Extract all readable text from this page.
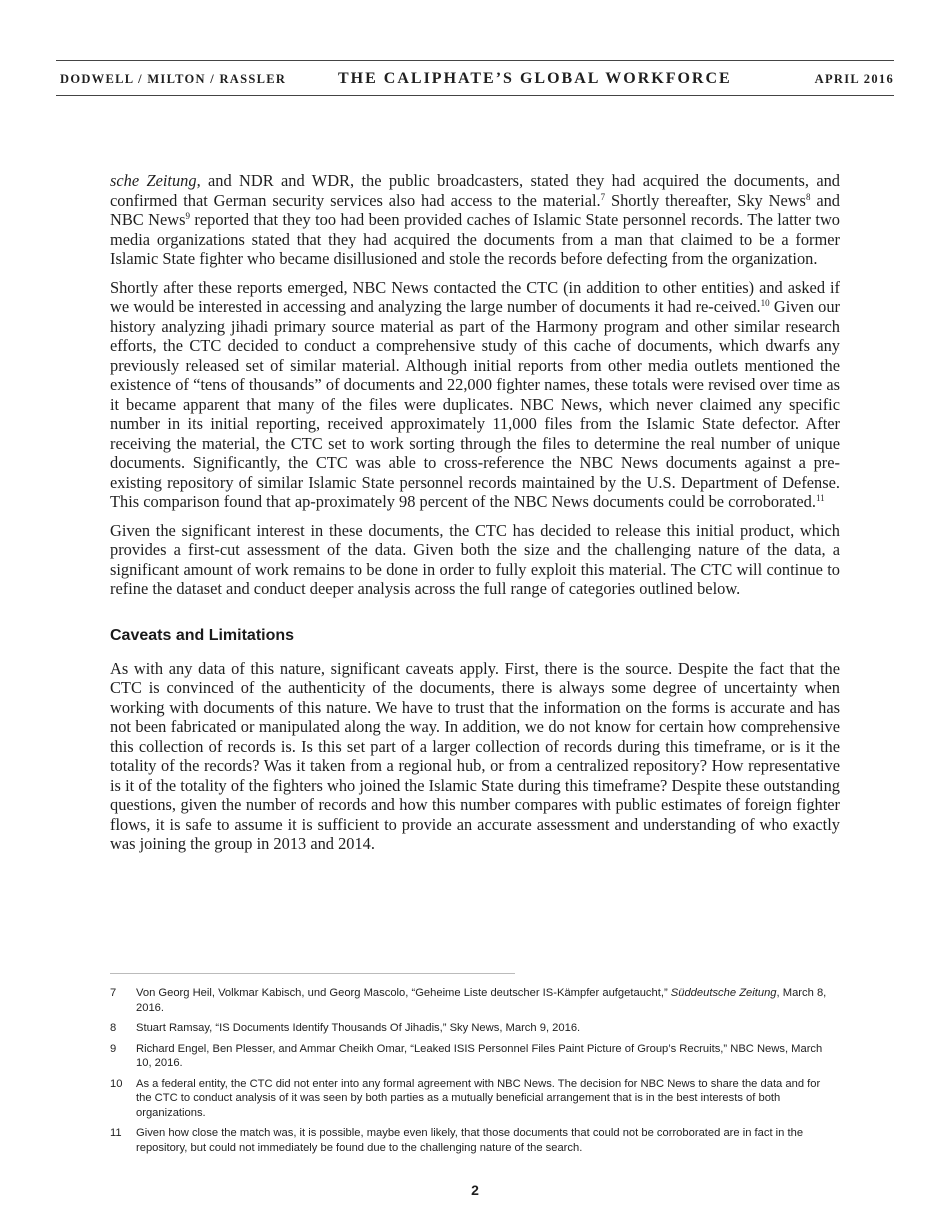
DODWELL / MILTON / RASSLER	THE CALIPHATE’S GLOBAL WORKFORCE	APRIL 2016

sche Zeitung, and NDR and WDR, the public broadcasters, stated they had acquired the documents, and confirmed that German security services also had access to the material.$^7$ Shortly thereafter, Sky News$^8$ and NBC News$^9$ reported that they too had been provided caches of Islamic State personnel records. The latter two media organizations stated that they had acquired the documents from a man that claimed to be a former Islamic State fighter who became disillusioned and stole the records before defecting from the organization.

Shortly after these reports emerged, NBC News contacted the CTC (in addition to other entities) and asked if we would be interested in accessing and analyzing the large number of documents it had re-ceived.$^{10}$ Given our history analyzing jihadi primary source material as part of the Harmony program and other similar research efforts, the CTC decided to conduct a comprehensive study of this cache of documents, which dwarfs any previously released set of similar material. Although initial reports from other media outlets mentioned the existence of “tens of thousands” of documents and 22,000 fighter names, these totals were revised over time as it became apparent that many of the files were duplicates. NBC News, which never claimed any specific number in its initial reporting, received approximately 11,000 files from the Islamic State defector. After receiving the material, the CTC set to work sorting through the files to determine the real number of unique documents. Significantly, the CTC was able to cross-reference the NBC News documents against a pre-existing repository of similar Islamic State personnel records maintained by the U.S. Department of Defense. This comparison found that ap-proximately 98 percent of the NBC News documents could be corroborated.$^{11}$

Given the significant interest in these documents, the CTC has decided to release this initial product, which provides a first-cut assessment of the data. Given both the size and the challenging nature of the data, a significant amount of work remains to be done in order to fully exploit this material. The CTC will continue to refine the dataset and conduct deeper analysis across the full range of categories outlined below.

Caveats and Limitations

As with any data of this nature, significant caveats apply. First, there is the source. Despite the fact that the CTC is convinced of the authenticity of the documents, there is always some degree of uncertainty when working with documents of this nature. We have to trust that the information on the forms is accurate and has not been fabricated or manipulated along the way. In addition, we do not know for certain how comprehensive this collection of records is. Is this set part of a larger collection of records during this timeframe, or is it the totality of the records? Was it taken from a regional hub, or from a centralized repository? How representative is it of the totality of the fighters who joined the Islamic State during this timeframe? Despite these outstanding questions, given the number of records and how this number compares with public estimates of foreign fighter flows, it is safe to assume it is sufficient to provide an accurate assessment and understanding of who exactly was joining the group in 2013 and 2014.

7	Von Georg Heil, Volkmar Kabisch, und Georg Mascolo, “Geheime Liste deutscher IS-Kämpfer aufgetaucht,” Süddeutsche Zeitung, March 8, 2016.
8	Stuart Ramsay, “IS Documents Identify Thousands Of Jihadis,” Sky News, March 9, 2016.
9	Richard Engel, Ben Plesser, and Ammar Cheikh Omar, “Leaked ISIS Personnel Files Paint Picture of Group’s Recruits,” NBC News, March 10, 2016.
10	As a federal entity, the CTC did not enter into any formal agreement with NBC News. The decision for NBC News to share the data and for the CTC to conduct analysis of it was seen by both parties as a mutually beneficial arrangement that is in the best interests of both organizations.
11	Given how close the match was, it is possible, maybe even likely, that those documents that could not be corroborated are in fact in the repository, but could not immediately be found due to the challenging nature of the search.
2
